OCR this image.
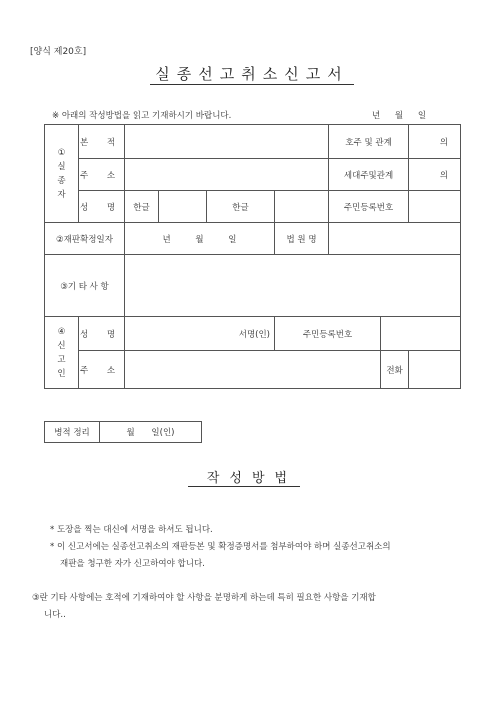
[양식 제20호]
실종선고취소신고서
※ 아래의 작성방법을 읽고 기재하시기 바랍니다.	년 월 일
①
실
종
자	본 적					호주 및 관계		의
	주 소					세대주및관계		의
	성 명	한글		한글		주민등록번호		
②재판확정일자		년 월 일			법 원 명			
③기 타 사 항								

④
신
고
인	성 명	서명(인)			주민등록번호			
	주 소						전화	
병적 정리	월 일(인)
작성방법
* 도장을 찍는 대신에 서명을 하셔도 됩니다.
* 이 신고서에는 실종선고취소의 재판등본 및 확정증명서를 첨부하여야 하며 실종선고취소의
재판을 청구한 자가 신고하여야 합니다.
③란 기타 사항에는 호적에 기재하여야 할 사항을 분명하게 하는데 특히 필요한 사항을 기재합
니다..
